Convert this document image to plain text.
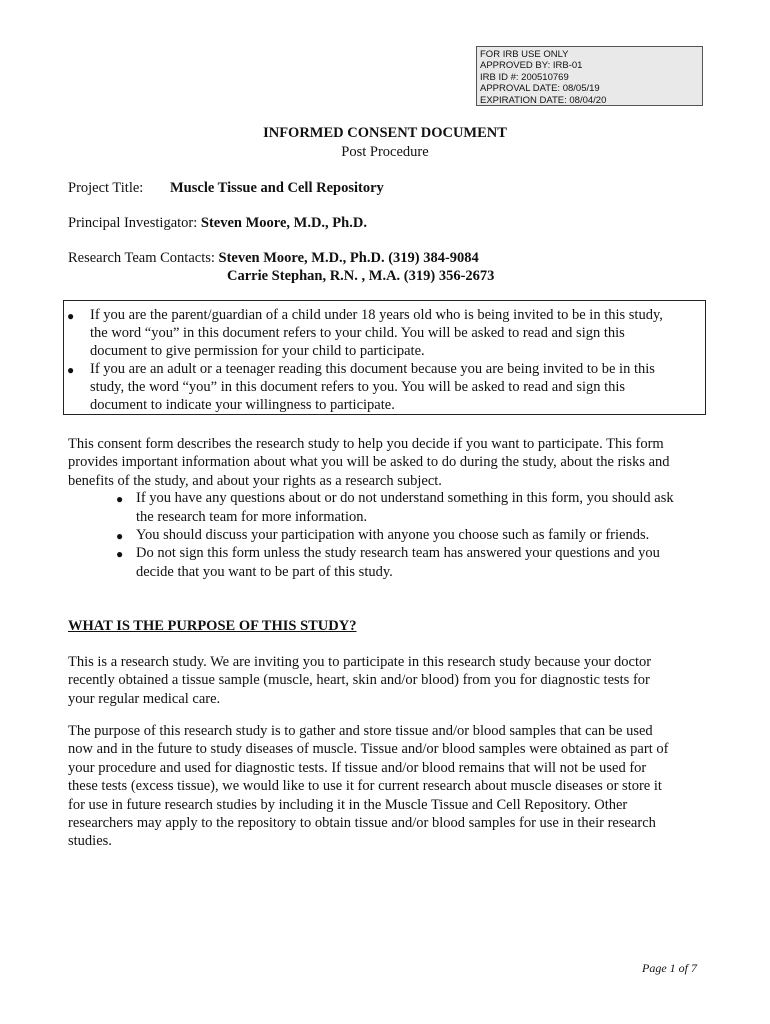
FOR IRB USE ONLY
APPROVED BY: IRB-01
IRB ID #: 200510769
APPROVAL DATE: 08/05/19
EXPIRATION DATE: 08/04/20
INFORMED CONSENT DOCUMENT
Post Procedure
Project Title: Muscle Tissue and Cell Repository
Principal Investigator: Steven Moore, M.D., Ph.D.
Research Team Contacts: Steven Moore, M.D., Ph.D. (319) 384-9084
Carrie Stephan, R.N. , M.A. (319) 356-2673
● If you are the parent/guardian of a child under 18 years old who is being invited to be in this study,
the word “you” in this document refers to your child. You will be asked to read and sign this
document to give permission for your child to participate.
● If you are an adult or a teenager reading this document because you are being invited to be in this
study, the word “you” in this document refers to you. You will be asked to read and sign this
document to indicate your willingness to participate.
This consent form describes the research study to help you decide if you want to participate. This form
provides important information about what you will be asked to do during the study, about the risks and
benefits of the study, and about your rights as a research subject.
● If you have any questions about or do not understand something in this form, you should ask
the research team for more information.
● You should discuss your participation with anyone you choose such as family or friends.
● Do not sign this form unless the study research team has answered your questions and you
decide that you want to be part of this study.
WHAT IS THE PURPOSE OF THIS STUDY?
This is a research study. We are inviting you to participate in this research study because your doctor
recently obtained a tissue sample (muscle, heart, skin and/or blood) from you for diagnostic tests for
your regular medical care.
The purpose of this research study is to gather and store tissue and/or blood samples that can be used
now and in the future to study diseases of muscle. Tissue and/or blood samples were obtained as part of
your procedure and used for diagnostic tests. If tissue and/or blood remains that will not be used for
these tests (excess tissue), we would like to use it for current research about muscle diseases or store it
for use in future research studies by including it in the Muscle Tissue and Cell Repository. Other
researchers may apply to the repository to obtain tissue and/or blood samples for use in their research
studies.
Page 1 of 7
